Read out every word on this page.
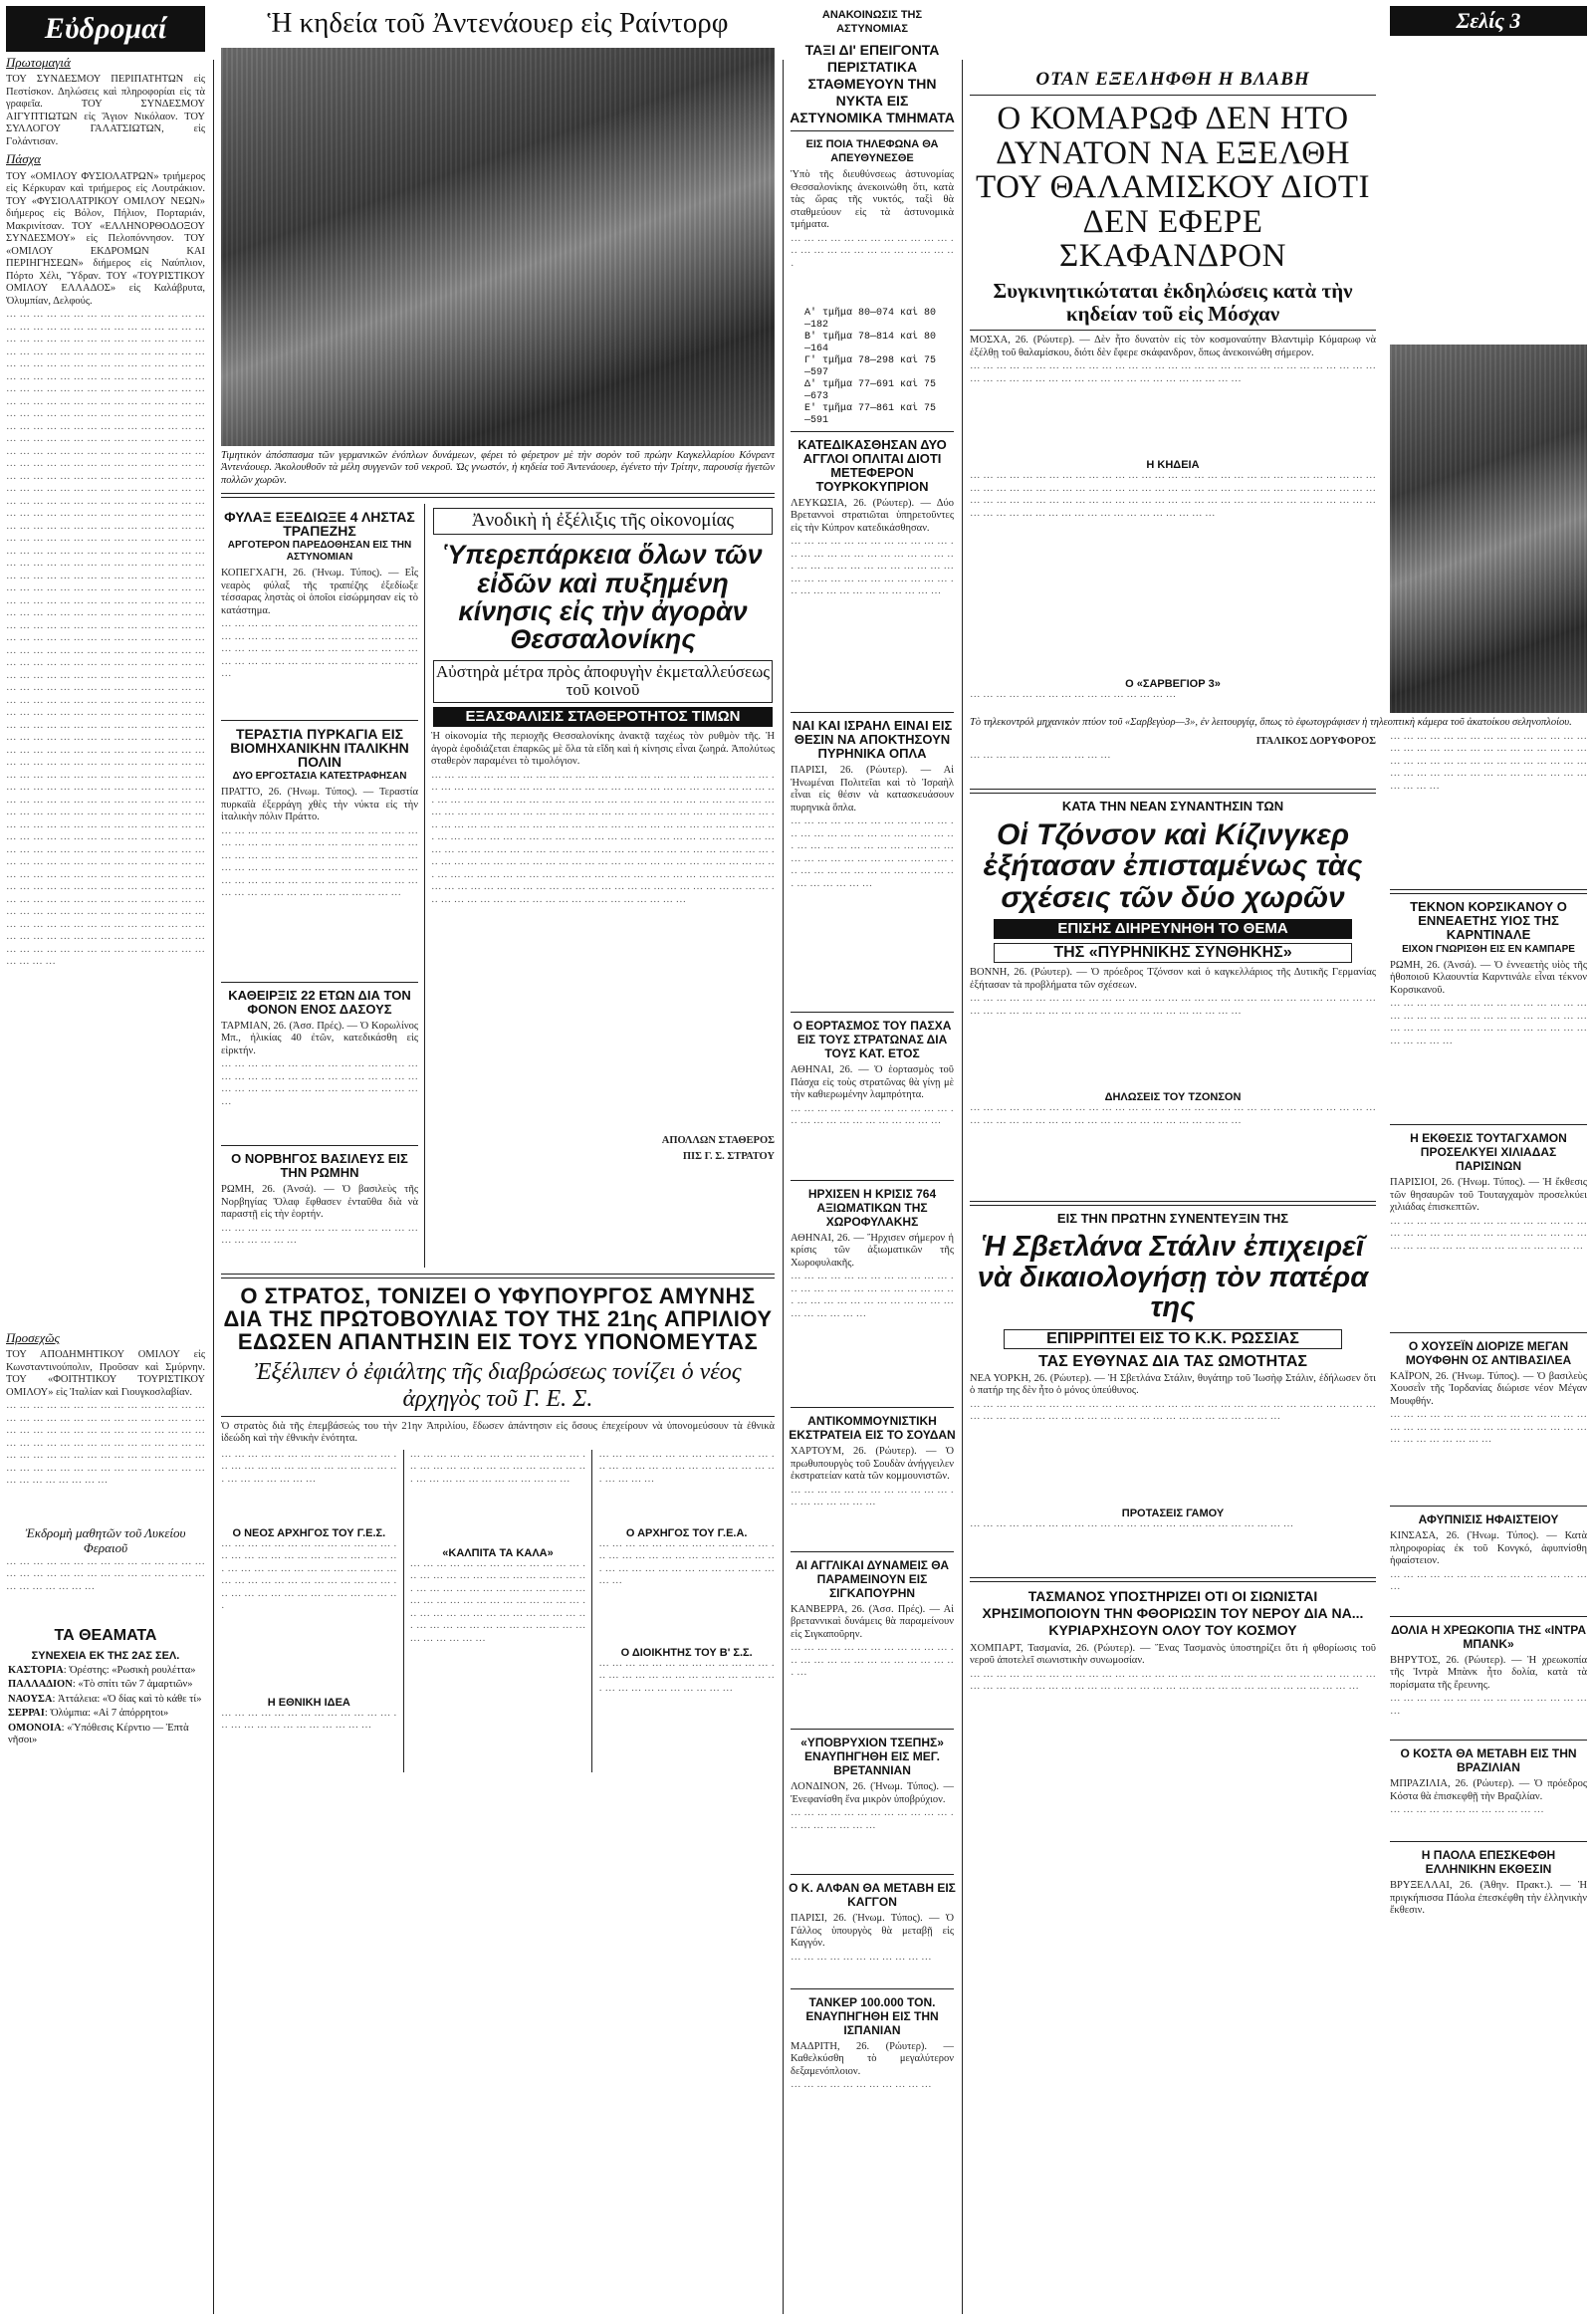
Εὐδρομαί
Πρωτομαγιά
ΤΟΥ ΣΥΝΔΕΣΜΟΥ ΠΕΡΙΠΑΤΗΤΩΝ εἰς Πεστίσκον. Δηλώσεις καὶ πληροφορίαι εἰς τὰ γραφεῖα. ΤΟΥ ΣΥΝΔΕΣΜΟΥ ΑΙΓΥΠΤΙΩΤΩΝ εἰς Ἅγιον Νικόλαον. ΤΟΥ ΣΥΛΛΟΓΟΥ ΓΑΛΑΤΣΙΩΤΩΝ, εἰς Γολάντισαν.
Πάσχα
ΤΟΥ «ΟΜΙΛΟΥ ΦΥΣΙΟΛΑΤΡΩΝ» τριήμερος εἰς Κέρκυραν καὶ τριήμερος εἰς Λουτράκιον. ΤΟΥ «ΦΥΣΙΟΛΑΤΡΙΚΟΥ ΟΜΙΛΟΥ ΝΕΩΝ» διήμερος εἰς Βόλον, Πήλιον, Πορταριάν, Μακρινίτσαν. ΤΟΥ «ΕΛΛΗΝΟΡΘΟΔΟΞΟΥ ΣΥΝΔΕΣΜΟΥ» εἰς Πελοπόννησον. ΤΟΥ «ΟΜΙΛΟΥ ΕΚΔΡΟΜΩΝ ΚΑΙ ΠΕΡΙΗΓΗΣΕΩΝ» διήμερος εἰς Ναύπλιον, Πόρτο Χέλι, Ὕδραν. ΤΟΥ «ΤΟΥΡΙΣΤΙΚΟΥ ΟΜΙΛΟΥ ΕΛΛΑΔΟΣ» εἰς Καλάβρυτα, Ὀλυμπίαν, Δελφούς.
··· ··· ··· ··· ··· ··· ··· ··· ··· ··· ··· ··· ··· ··· ··· ··· ··· ··· ··· ··· ··· ··· ··· ··· ··· ··· ··· ··· ··· ··· ··· ··· ··· ··· ··· ··· ··· ··· ··· ··· ··· ··· ··· ··· ··· ··· ··· ··· ··· ··· ··· ··· ··· ··· ··· ··· ··· ··· ··· ··· ··· ··· ··· ··· ··· ··· ··· ··· ··· ··· ··· ··· ··· ··· ··· ··· ··· ··· ··· ··· ··· ··· ··· ··· ··· ··· ··· ··· ··· ··· ··· ··· ··· ··· ··· ··· ··· ··· ··· ··· ··· ··· ··· ··· ··· ··· ··· ··· ··· ··· ··· ··· ··· ··· ··· ··· ··· ··· ··· ··· ··· ··· ··· ··· ··· ··· ··· ··· ··· ··· ··· ··· ··· ··· ··· ··· ··· ··· ··· ··· ··· ··· ··· ··· ··· ··· ··· ··· ··· ··· ··· ··· ··· ··· ··· ··· ··· ··· ··· ··· ··· ··· ··· ··· ··· ··· ··· ··· ··· ··· ··· ··· ··· ··· ··· ··· ··· ··· ··· ··· ··· ··· ··· ··· ··· ··· ··· ··· ··· ··· ··· ··· ··· ··· ··· ··· ··· ··· ··· ··· ··· ··· ··· ··· ··· ··· ··· ··· ··· ··· ··· ··· ··· ··· ··· ··· ··· ··· ··· ··· ··· ··· ··· ··· ··· ··· ··· ··· ··· ··· ··· ··· ··· ··· ··· ··· ··· ··· ··· ··· ··· ··· ··· ··· ··· ··· ··· ··· ··· ··· ··· ··· ··· ··· ··· ··· ··· ··· ··· ··· ··· ··· ··· ··· ··· ··· ··· ··· ··· ··· ··· ··· ··· ··· ··· ··· ··· ··· ··· ··· ··· ··· ··· ··· ··· ··· ··· ··· ··· ··· ··· ··· ··· ··· ··· ··· ··· ··· ··· ··· ··· ··· ··· ··· ··· ··· ··· ··· ··· ··· ··· ··· ··· ··· ··· ··· ··· ··· ··· ··· ··· ··· ··· ··· ··· ··· ··· ··· ··· ··· ··· ··· ··· ··· ··· ··· ··· ··· ··· ··· ··· ··· ··· ··· ··· ··· ··· ··· ··· ··· ··· ··· ··· ··· ··· ··· ··· ··· ··· ··· ··· ··· ··· ··· ··· ··· ··· ··· ··· ··· ··· ··· ··· ··· ··· ··· ··· ··· ··· ··· ··· ··· ··· ··· ··· ··· ··· ··· ··· ··· ··· ··· ··· ··· ··· ··· ··· ··· ··· ··· ··· ··· ··· ··· ··· ··· ··· ··· ··· ··· ··· ··· ··· ··· ··· ··· ··· ··· ··· ··· ··· ··· ··· ··· ··· ··· ··· ··· ··· ··· ··· ··· ··· ··· ··· ··· ··· ··· ··· ··· ··· ··· ··· ··· ··· ··· ··· ··· ··· ··· ··· ··· ··· ··· ··· ··· ··· ··· ··· ··· ··· ··· ··· ··· ··· ··· ··· ··· ··· ··· ··· ··· ··· ··· ··· ··· ··· ··· ··· ··· ··· ··· ··· ··· ··· ··· ··· ··· ··· ··· ··· ··· ··· ··· ··· ··· ··· ··· ··· ··· ··· ··· ··· ··· ··· ··· ··· ··· ··· ··· ··· ··· ··· ··· ··· ··· ··· ··· ··· ··· ··· ··· ··· ··· ··· ··· ··· ··· ··· ··· ··· ··· ··· ··· ··· ··· ··· ··· ··· ··· ··· ··· ··· ··· ··· ··· ··· ··· ··· ··· ··· ··· ··· ··· ··· ··· ··· ··· ··· ··· ··· ··· ··· ··· ··· ··· ··· ··· ··· ··· ··· ··· ··· ··· ··· ··· ··· ··· ··· ··· ··· ··· ··· ··· ··· ··· ··· ··· ··· ··· ··· ··· ··· ··· ··· ··· ··· ··· ··· ··· ··· ··· ··· ··· ··· ··· ··· ··· ··· ··· ··· ··· ··· ··· ··· ··· ··· ··· ··· ··· ··· ··· ··· ··· ··· ··· ··· ··· ··· ··· ··· ··· ··· ··· ··· ··· ··· ··· ··· ··· ··· ··· ··· ··· ··· ··· ··· ··· ··· ··· ··· ··· ··· ··· ··· ··· ··· ··· ··· ··· ··· ··· ··· ··· ··· ··· ··· ··· ··· ··· ··· ··· ··· ··· ··· ··· ··· ··· ··· ··· ··· ··· ··· ··· ··· ··· ··· ··· ··· ··· ··· ··· ··· ··· ··· ··· ··· ··· ··· ··· ··· ··· ··· ··· ··· ··· ··· ··· ··· ··· ··· ··· ··· ··· ··· ··· ··· ··· ··· ··· ··· ··· ··· ··· ··· ··· ··· ··· ··· ··· ··· ··· ··· ··· ··· ··· ··· ··· ··· ··· ··· ··· ··· ··· ··· ··· ··· ··· ··· ··· ··· ··· ··· ··· ··· ··· ··· ··· ··· ··· ··· ··· ··· ··· ··· ··· ··· ··· ··· ··· ··· ··· ··· ··· ··· ··· ··· ··· ··· ··· ··· ··· ··· ···
Προσεχῶς
ΤΟΥ ΑΠΟΔΗΜΗΤΙΚΟΥ ΟΜΙΛΟΥ εἰς Κωνσταντινούπολιν, Προῦσαν καὶ Σμύρνην. ΤΟΥ «ΦΟΙΤΗΤΙΚΟΥ ΤΟΥΡΙΣΤΙΚΟΥ ΟΜΙΛΟΥ» εἰς Ἰταλίαν καὶ Γιουγκοσλαβίαν.
··· ··· ··· ··· ··· ··· ··· ··· ··· ··· ··· ··· ··· ··· ··· ··· ··· ··· ··· ··· ··· ··· ··· ··· ··· ··· ··· ··· ··· ··· ··· ··· ··· ··· ··· ··· ··· ··· ··· ··· ··· ··· ··· ··· ··· ··· ··· ··· ··· ··· ··· ··· ··· ··· ··· ··· ··· ··· ··· ··· ··· ··· ··· ··· ··· ··· ··· ··· ··· ··· ··· ··· ··· ··· ··· ··· ··· ··· ··· ··· ··· ··· ··· ··· ··· ··· ··· ··· ··· ··· ··· ··· ··· ··· ··· ··· ··· ···
Ἐκδρομὴ μαθητῶν τοῦ Λυκείου Φεραιοῦ
··· ··· ··· ··· ··· ··· ··· ··· ··· ··· ··· ··· ··· ··· ··· ··· ··· ··· ··· ··· ··· ··· ··· ··· ··· ··· ··· ··· ··· ··· ··· ··· ··· ··· ··· ··· ···
ΤΑ ΘΕΑΜΑΤΑ
ΣΥΝΕΧΕΙΑ ΕΚ ΤΗΣ 2ΑΣ ΣΕΛ.
ΚΑΣΤΟΡΙΑ: Ὀρέστης: «Ρωσικὴ ρουλέττα»
ΠΑΛΛΑΔΙΟΝ: «Τὸ σπίτι τῶν 7 ἁμαρτιῶν»
ΝΑΟΥΣΑ: Ἀττάλεια: «Ὁ δίας καὶ τὸ κάθε τί»
ΣΕΡΡΑΙ: Ὀλύμπια: «Αἱ 7 ἀπόρρητοι»
ΟΜΟΝΟΙΑ: «Ὑπόθεσις Κέρντιο — Ἑπτὰ νῆσοι»
Ἡ κηδεία τοῦ Ἀντενάουερ εἰς Ραίντορφ
Τιμητικὸν ἀπόσπασμα τῶν γερμανικῶν ἐνόπλων δυνάμεων, φέρει τὸ φέρετρον μὲ τὴν σορὸν τοῦ πρώην Καγκελλαρίου Κόνραντ Ἀντενάουερ. Ἀκολουθοῦν τὰ μέλη συγγενῶν τοῦ νεκροῦ. Ὡς γνωστόν, ἡ κηδεία τοῦ Ἀντενάουερ, ἐγένετο τὴν Τρίτην, παρουσίᾳ ἡγετῶν πολλῶν χωρῶν.
ΦΥΛΑΞ ΕΞΕΔΙΩΞΕ 4 ΛΗΣΤΑΣ ΤΡΑΠΕΖΗΣ
ΑΡΓΟΤΕΡΟΝ ΠΑΡΕΔΟΘΗΣΑΝ ΕΙΣ ΤΗΝ ΑΣΤΥΝΟΜΙΑΝ
ΚΟΠΕΓΧΑΓΗ, 26. (Ἠνωμ. Τύπος). — Εἷς νεαρὸς φύλαξ τῆς τραπέζης ἐξεδίωξε τέσσαρας ληστὰς οἱ ὁποῖοι εἰσώρμησαν εἰς τὸ κατάστημα.
··· ··· ··· ··· ··· ··· ··· ··· ··· ··· ··· ··· ··· ··· ··· ··· ··· ··· ··· ··· ··· ··· ··· ··· ··· ··· ··· ··· ··· ··· ··· ··· ··· ··· ··· ··· ··· ··· ··· ··· ··· ··· ··· ··· ··· ··· ··· ··· ··· ··· ··· ··· ··· ··· ··· ··· ··· ··· ··· ··· ···
ΤΕΡΑΣΤΙΑ ΠΥΡΚΑΓΙΑ ΕΙΣ ΒΙΟΜΗΧΑΝΙΚΗΝ ΙΤΑΛΙΚΗΝ ΠΟΛΙΝ
ΔΥΟ ΕΡΓΟΣΤΑΣΙΑ ΚΑΤΕΣΤΡΑΦΗΣΑΝ
ΠΡΑΤΤΟ, 26. (Ἠνωμ. Τύπος). — Τεραστία πυρκαϊὰ ἐξερράγη χθὲς τὴν νύκτα εἰς τὴν ἰταλικὴν πόλιν Πράττο.
··· ··· ··· ··· ··· ··· ··· ··· ··· ··· ··· ··· ··· ··· ··· ··· ··· ··· ··· ··· ··· ··· ··· ··· ··· ··· ··· ··· ··· ··· ··· ··· ··· ··· ··· ··· ··· ··· ··· ··· ··· ··· ··· ··· ··· ··· ··· ··· ··· ··· ··· ··· ··· ··· ··· ··· ··· ··· ··· ··· ··· ··· ··· ··· ··· ··· ··· ··· ··· ··· ··· ··· ··· ··· ··· ··· ··· ··· ··· ··· ··· ··· ··· ··· ··· ··· ··· ··· ···
ΚΑΘΕΙΡΞΙΣ 22 ΕΤΩΝ ΔΙΑ ΤΟΝ ΦΟΝΟΝ ΕΝΟΣ ΔΑΣΟΥΣ
ΤΑΡΜΙΑΝ, 26. (Ἀσσ. Πρές). — Ὁ Κορωλίνος Μπ., ἠλικίας 40 ἐτῶν, κατεδικάσθη εἰς εἰρκτήν.
··· ··· ··· ··· ··· ··· ··· ··· ··· ··· ··· ··· ··· ··· ··· ··· ··· ··· ··· ··· ··· ··· ··· ··· ··· ··· ··· ··· ··· ··· ··· ··· ··· ··· ··· ··· ··· ··· ··· ··· ··· ··· ··· ··· ··· ···
Ο ΝΟΡΒΗΓΟΣ ΒΑΣΙΛΕΥΣ ΕΙΣ ΤΗΝ ΡΩΜΗΝ
ΡΩΜΗ, 26. (Ἀνσά). — Ὁ βασιλεὺς τῆς Νορβηγίας Ὄλαφ ἔφθασεν ἐνταῦθα διὰ νὰ παραστῇ εἰς τὴν ἑορτήν.
··· ··· ··· ··· ··· ··· ··· ··· ··· ··· ··· ··· ··· ··· ··· ··· ··· ··· ··· ··· ···
Ἀνοδικὴ ἡ ἐξέλιξις τῆς οἰκονομίας
Ὑπερεπάρκεια ὅλων τῶν εἰδῶν καὶ πυξημένη κίνησις εἰς τὴν ἀγορὰν Θεσσαλονίκης
Αὐστηρὰ μέτρα πρὸς ἀποφυγὴν ἐκμεταλλεύσεως τοῦ κοινοῦ
ΕΞΑΣΦΑΛΙΣΙΣ ΣΤΑΘΕΡΟΤΗΤΟΣ ΤΙΜΩΝ
Ἡ οἰκονομία τῆς περιοχῆς Θεσσαλονίκης ἀνακτᾷ ταχέως τὸν ρυθμὸν τῆς. Ἡ ἀγορὰ ἐφοδιάζεται ἐπαρκῶς μὲ ὅλα τὰ εἴδη καὶ ἡ κίνησις εἶναι ζωηρά. Ἀπολύτως σταθερὸν παραμένει τὸ τιμολόγιον.
··· ··· ··· ··· ··· ··· ··· ··· ··· ··· ··· ··· ··· ··· ··· ··· ··· ··· ··· ··· ··· ··· ··· ··· ··· ··· ··· ··· ··· ··· ··· ··· ··· ··· ··· ··· ··· ··· ··· ··· ··· ··· ··· ··· ··· ··· ··· ··· ··· ··· ··· ··· ··· ··· ··· ··· ··· ··· ··· ··· ··· ··· ··· ··· ··· ··· ··· ··· ··· ··· ··· ··· ··· ··· ··· ··· ··· ··· ··· ··· ··· ··· ··· ··· ··· ··· ··· ··· ··· ··· ··· ··· ··· ··· ··· ··· ··· ··· ··· ··· ··· ··· ··· ··· ··· ··· ··· ··· ··· ··· ··· ··· ··· ··· ··· ··· ··· ··· ··· ··· ··· ··· ··· ··· ··· ··· ··· ··· ··· ··· ··· ··· ··· ··· ··· ··· ··· ··· ··· ··· ··· ··· ··· ··· ··· ··· ··· ··· ··· ··· ··· ··· ··· ··· ··· ··· ··· ··· ··· ··· ··· ··· ··· ··· ··· ··· ··· ··· ··· ··· ··· ··· ··· ··· ··· ··· ··· ··· ··· ··· ··· ··· ··· ··· ··· ··· ··· ··· ··· ··· ··· ··· ··· ··· ··· ··· ··· ··· ··· ··· ··· ··· ··· ··· ··· ··· ··· ··· ··· ··· ··· ··· ··· ··· ··· ··· ··· ··· ··· ··· ··· ··· ··· ··· ··· ··· ··· ··· ··· ··· ··· ··· ··· ··· ··· ··· ··· ··· ··· ··· ··· ··· ··· ··· ··· ··· ··· ··· ··· ··· ··· ··· ··· ··· ··· ··· ··· ··· ··· ··· ··· ··· ··· ··· ··· ··· ··· ··· ··· ··· ··· ··· ··· ··· ··· ··· ··· ··· ··· ··· ··· ··· ···
ΑΠΟΛΛΩΝ ΣΤΑΘΕΡΟΣ
ΠΙΣ Γ. Σ. ΣΤΡΑΤΟΥ
Ο ΣΤΡΑΤΟΣ, ΤΟΝΙΖΕΙ Ο ΥΦΥΠΟΥΡΓΟΣ ΑΜΥΝΗΣ ΔΙΑ ΤΗΣ ΠΡΩΤΟΒΟΥΛΙΑΣ ΤΟΥ ΤΗΣ 21ης ΑΠΡΙΛΙΟΥ ΕΔΩΣΕΝ ΑΠΑΝΤΗΣΙΝ ΕΙΣ ΤΟΥΣ ΥΠΟΝΟΜΕΥΤΑΣ
Ἐξέλιπεν ὁ ἐφιάλτης τῆς διαβρώσεως τονίζει ὁ νέος ἀρχηγὸς τοῦ Γ. Ε. Σ.
Ὁ στρατὸς διὰ τῆς ἐπεμβάσεώς του τὴν 21ην Ἀπριλίου, ἔδωσεν ἀπάντησιν εἰς ὅσους ἐπεχείρουν νὰ ὑπονομεύσουν τὰ ἐθνικὰ ἰδεώδη καὶ τὴν ἐθνικὴν ἑνότητα.
··· ··· ··· ··· ··· ··· ··· ··· ··· ··· ··· ··· ··· ··· ··· ··· ··· ··· ··· ··· ··· ··· ··· ··· ··· ··· ··· ··· ··· ··· ··· ··· ··· ···
Ο ΝΕΟΣ ΑΡΧΗΓΟΣ ΤΟΥ Γ.Ε.Σ.
··· ··· ··· ··· ··· ··· ··· ··· ··· ··· ··· ··· ··· ··· ··· ··· ··· ··· ··· ··· ··· ··· ··· ··· ··· ··· ··· ··· ··· ··· ··· ··· ··· ··· ··· ··· ··· ··· ··· ··· ··· ··· ··· ··· ··· ··· ··· ··· ··· ··· ··· ··· ··· ··· ··· ··· ··· ··· ··· ··· ··· ··· ··· ··· ··· ··· ···
Η ΕΘΝΙΚΗ ΙΔΕΑ
··· ··· ··· ··· ··· ··· ··· ··· ··· ··· ··· ··· ··· ··· ··· ··· ··· ··· ··· ··· ··· ··· ··· ··· ···
··· ··· ··· ··· ··· ··· ··· ··· ··· ··· ··· ··· ··· ··· ··· ··· ··· ··· ··· ··· ··· ··· ··· ··· ··· ··· ··· ··· ··· ··· ··· ··· ··· ··· ··· ··· ··· ··· ···
«ΚΑΛΠΙΤΑ ΤΑ ΚΑΛΑ»
··· ··· ··· ··· ··· ··· ··· ··· ··· ··· ··· ··· ··· ··· ··· ··· ··· ··· ··· ··· ··· ··· ··· ··· ··· ··· ··· ··· ··· ··· ··· ··· ··· ··· ··· ··· ··· ··· ··· ··· ··· ··· ··· ··· ··· ··· ··· ··· ··· ··· ··· ··· ··· ··· ··· ··· ··· ··· ··· ··· ··· ··· ··· ··· ··· ··· ··· ··· ··· ··· ··· ··· ··· ··· ··· ··· ··· ··· ··· ··· ··· ··· ··· ··· ··· ···
··· ··· ··· ··· ··· ··· ··· ··· ··· ··· ··· ··· ··· ··· ··· ··· ··· ··· ··· ··· ··· ··· ··· ··· ··· ··· ··· ··· ··· ··· ···
Ο ΑΡΧΗΓΟΣ ΤΟΥ Γ.Ε.Α.
··· ··· ··· ··· ··· ··· ··· ··· ··· ··· ··· ··· ··· ··· ··· ··· ··· ··· ··· ··· ··· ··· ··· ··· ··· ··· ··· ··· ··· ··· ··· ··· ··· ··· ··· ··· ··· ··· ··· ··· ··· ···
Ο ΔΙΟΙΚΗΤΗΣ ΤΟΥ Β' Σ.Σ.
··· ··· ··· ··· ··· ··· ··· ··· ··· ··· ··· ··· ··· ··· ··· ··· ··· ··· ··· ··· ··· ··· ··· ··· ··· ··· ··· ··· ··· ··· ··· ··· ··· ··· ··· ··· ···
ΑΝΑΚΟΙΝΩΣΙΣ ΤΗΣ ΑΣΤΥΝΟΜΙΑΣ
ΤΑΞΙ ΔΙ' ΕΠΕΙΓΟΝΤΑ ΠΕΡΙΣΤΑΤΙΚΑ ΣΤΑΘΜΕΥΟΥΝ ΤΗΝ ΝΥΚΤΑ ΕΙΣ ΑΣΤΥΝΟΜΙΚΑ ΤΜΗΜΑΤΑ
ΕΙΣ ΠΟΙΑ ΤΗΛΕΦΩΝΑ ΘΑ ΑΠΕΥΘΥΝΕΣΘΕ
Ὑπὸ τῆς διευθύνσεως ἀστυνομίας Θεσσαλονίκης ἀνεκοινώθη ὅτι, κατὰ τὰς ὥρας τῆς νυκτός, ταξὶ θὰ σταθμεύουν εἰς τὰ ἀστυνομικὰ τμήματα.
··· ··· ··· ··· ··· ··· ··· ··· ··· ··· ··· ··· ··· ··· ··· ··· ··· ··· ··· ··· ··· ··· ··· ··· ···
Α' τμῆμα 80—074 καὶ 80—182
Β' τμῆμα 78—814 καὶ 80—164
Γ' τμῆμα 78—298 καὶ 75—597
Δ' τμῆμα 77—691 καὶ 75—673
Ε' τμῆμα 77—861 καὶ 75—591
ΚΑΤΕΔΙΚΑΣΘΗΣΑΝ ΔΥΟ ΑΓΓΛΟΙ ΟΠΛΙΤΑΙ ΔΙΟΤΙ ΜΕΤΕΦΕΡΟΝ ΤΟΥΡΚΟΚΥΠΡΙΟΝ
ΛΕΥΚΩΣΙΑ, 26. (Ρώυτερ). — Δύο Βρεταννοὶ στρατιῶται ὑπηρετοῦντες εἰς τὴν Κύπρον κατεδικάσθησαν.
··· ··· ··· ··· ··· ··· ··· ··· ··· ··· ··· ··· ··· ··· ··· ··· ··· ··· ··· ··· ··· ··· ··· ··· ··· ··· ··· ··· ··· ··· ··· ··· ··· ··· ··· ··· ··· ··· ··· ··· ··· ··· ··· ··· ··· ··· ··· ··· ··· ··· ··· ··· ··· ··· ··· ··· ··· ··· ··· ··· ···
ΝΑΙ ΚΑΙ ΙΣΡΑΗΛ ΕΙΝΑΙ ΕΙΣ ΘΕΣΙΝ ΝΑ ΑΠΟΚΤΗΣΟΥΝ ΠΥΡΗΝΙΚΑ ΟΠΛΑ
ΠΑΡΙΣΙ, 26. (Ρώυτερ). — Αἱ Ἡνωμέναι Πολιτεῖαι καὶ τὸ Ἰσραὴλ εἶναι εἰς θέσιν νὰ κατασκευάσουν πυρηνικὰ ὅπλα.
··· ··· ··· ··· ··· ··· ··· ··· ··· ··· ··· ··· ··· ··· ··· ··· ··· ··· ··· ··· ··· ··· ··· ··· ··· ··· ··· ··· ··· ··· ··· ··· ··· ··· ··· ··· ··· ··· ··· ··· ··· ··· ··· ··· ··· ··· ··· ··· ··· ··· ··· ··· ··· ··· ··· ··· ··· ··· ··· ··· ··· ··· ··· ··· ··· ··· ··· ···
Ο ΕΟΡΤΑΣΜΟΣ ΤΟΥ ΠΑΣΧΑ ΕΙΣ ΤΟΥΣ ΣΤΡΑΤΩΝΑΣ ΔΙΑ ΤΟΥΣ ΚΑΤ. ΕΤΟΣ
ΑΘΗΝΑΙ, 26. — Ὁ ἑορτασμὸς τοῦ Πάσχα εἰς τοὺς στρατῶνας θὰ γίνῃ μὲ τὴν καθιερωμένην λαμπρότητα.
··· ··· ··· ··· ··· ··· ··· ··· ··· ··· ··· ··· ··· ··· ··· ··· ··· ··· ··· ··· ··· ··· ··· ···
ΗΡΧΙΣΕΝ Η ΚΡΙΣΙΣ 764 ΑΞΙΩΜΑΤΙΚΩΝ ΤΗΣ ΧΩΡΟΦΥΛΑΚΗΣ
ΑΘΗΝΑΙ, 26. — Ἤρχισεν σήμερον ἡ κρίσις τῶν ἀξιωματικῶν τῆς Χωροφυλακῆς.
··· ··· ··· ··· ··· ··· ··· ··· ··· ··· ··· ··· ··· ··· ··· ··· ··· ··· ··· ··· ··· ··· ··· ··· ··· ··· ··· ··· ··· ··· ··· ··· ··· ··· ··· ··· ··· ··· ··· ··· ··· ··· ···
ΑΝΤΙΚΟΜΜΟΥΝΙΣΤΙΚΗ ΕΚΣΤΡΑΤΕΙΑ ΕΙΣ ΤΟ ΣΟΥΔΑΝ
ΧΑΡΤΟΥΜ, 26. (Ρώυτερ). — Ὁ πρωθυπουργὸς τοῦ Σουδὰν ἀνήγγειλεν ἐκστρατείαν κατὰ τῶν κομμουνιστῶν.
··· ··· ··· ··· ··· ··· ··· ··· ··· ··· ··· ··· ··· ··· ··· ··· ··· ··· ···
ΑΙ ΑΓΓΛΙΚΑΙ ΔΥΝΑΜΕΙΣ ΘΑ ΠΑΡΑΜΕΙΝΟΥΝ ΕΙΣ ΣΙΓΚΑΠΟΥΡΗΝ
ΚΑΝΒΕΡΡΑ, 26. (Ἀσσ. Πρές). — Αἱ βρεταννικαὶ δυνάμεις θὰ παραμείνουν εἰς Σιγκαποῦρην.
··· ··· ··· ··· ··· ··· ··· ··· ··· ··· ··· ··· ··· ··· ··· ··· ··· ··· ··· ··· ··· ··· ··· ··· ··· ···
«ΥΠΟΒΡΥΧΙΟΝ ΤΣΕΠΗΣ» ΕΝΑΥΠΗΓΗΘΗ ΕΙΣ ΜΕΓ. ΒΡΕΤΑΝΝΙΑΝ
ΛΟΝΔΙΝΟΝ, 26. (Ἠνωμ. Τύπος). — Ἐνεφανίσθη ἕνα μικρὸν ὑποβρύχιον.
··· ··· ··· ··· ··· ··· ··· ··· ··· ··· ··· ··· ··· ··· ··· ··· ··· ··· ···
Ο Κ. ΑΛΦΑΝ ΘΑ ΜΕΤΑΒΗ ΕΙΣ ΚΑΓΓΟΝ
ΠΑΡΙΣΙ, 26. (Ἠνωμ. Τύπος). — Ὁ Γάλλος ὑπουργὸς θὰ μεταβῇ εἰς Καγγόν.
··· ··· ··· ··· ··· ··· ··· ··· ··· ··· ···
ΤΑΝΚΕΡ 100.000 ΤΟΝ. ΕΝΑΥΠΗΓΗΘΗ ΕΙΣ ΤΗΝ ΙΣΠΑΝΙΑΝ
ΜΑΔΡΙΤΗ, 26. (Ρώυτερ). — Καθελκύσθη τὸ μεγαλύτερον δεξαμενόπλοιον.
··· ··· ··· ··· ··· ··· ··· ··· ··· ··· ···
ΟΤΑΝ ΕΞΕΛΗΦΘΗ Η ΒΛΑΒΗ
Ο ΚΟΜΑΡΩΦ ΔΕΝ ΗΤΟ ΔΥΝΑΤΟΝ ΝΑ ΕΞΕΛΘΗ ΤΟΥ ΘΑΛΑΜΙΣΚΟΥ ΔΙΟΤΙ ΔΕΝ ΕΦΕΡΕ ΣΚΑΦΑΝΔΡΟΝ
Συγκινητικώταται ἐκδηλώσεις κατὰ τὴν κηδείαν τοῦ εἰς Μόσχαν
ΜΟΣΧΑ, 26. (Ρώυτερ). — Δὲν ἦτο δυνατὸν εἰς τὸν κοσμοναύτην Βλαντιμὶρ Κόμαρωφ νὰ ἐξέλθῃ τοῦ θαλαμίσκου, διότι δὲν ἔφερε σκάφανδρον, ὅπως ἀνεκοινώθη σήμερον.
··· ··· ··· ··· ··· ··· ··· ··· ··· ··· ··· ··· ··· ··· ··· ··· ··· ··· ··· ··· ··· ··· ··· ··· ··· ··· ··· ··· ··· ··· ··· ··· ··· ··· ··· ··· ··· ··· ··· ··· ··· ··· ··· ··· ··· ··· ··· ··· ··· ··· ··· ···
Η ΚΗΔΕΙΑ
··· ··· ··· ··· ··· ··· ··· ··· ··· ··· ··· ··· ··· ··· ··· ··· ··· ··· ··· ··· ··· ··· ··· ··· ··· ··· ··· ··· ··· ··· ··· ··· ··· ··· ··· ··· ··· ··· ··· ··· ··· ··· ··· ··· ··· ··· ··· ··· ··· ··· ··· ··· ··· ··· ··· ··· ··· ··· ··· ··· ··· ··· ··· ··· ··· ··· ··· ··· ··· ··· ··· ··· ··· ··· ··· ··· ··· ··· ··· ··· ··· ··· ··· ··· ··· ··· ··· ··· ··· ··· ··· ··· ··· ··· ··· ··· ··· ··· ··· ··· ··· ··· ··· ··· ··· ··· ··· ··· ··· ··· ··· ···
Ο «ΣΑΡΒΕΓΙΟΡ 3»
··· ··· ··· ··· ··· ··· ··· ··· ··· ··· ··· ··· ··· ··· ··· ···
ΙΤΑΛΙΚΟΣ ΔΟΡΥΦΟΡΟΣ
··· ··· ··· ··· ··· ··· ··· ··· ··· ··· ···
ΚΑΤΑ ΤΗΝ ΝΕΑΝ ΣΥΝΑΝΤΗΣΙΝ ΤΩΝ
Οἱ Τζόνσον καὶ Κίζινγκερ ἐξήτασαν ἐπισταμένως τὰς σχέσεις τῶν δύο χωρῶν
ΕΠΙΣΗΣ ΔΙΗΡΕΥΝΗΘΗ ΤΟ ΘΕΜΑ
ΤΗΣ «ΠΥΡΗΝΙΚΗΣ ΣΥΝΘΗΚΗΣ»
ΒΟΝΝΗ, 26. (Ρώυτερ). — Ὁ πρόεδρος Τζόνσον καὶ ὁ καγκελλάριος τῆς Δυτικῆς Γερμανίας ἐξήτασαν τὰ προβλήματα τῶν σχέσεων.
··· ··· ··· ··· ··· ··· ··· ··· ··· ··· ··· ··· ··· ··· ··· ··· ··· ··· ··· ··· ··· ··· ··· ··· ··· ··· ··· ··· ··· ··· ··· ··· ··· ··· ··· ··· ··· ··· ··· ··· ··· ··· ··· ··· ··· ··· ··· ··· ··· ··· ··· ···
ΔΗΛΩΣΕΙΣ ΤΟΥ ΤΖΟΝΣΟΝ
··· ··· ··· ··· ··· ··· ··· ··· ··· ··· ··· ··· ··· ··· ··· ··· ··· ··· ··· ··· ··· ··· ··· ··· ··· ··· ··· ··· ··· ··· ··· ··· ··· ··· ··· ··· ··· ··· ··· ··· ··· ··· ··· ··· ··· ··· ··· ··· ··· ··· ··· ···
ΕΙΣ ΤΗΝ ΠΡΩΤΗΝ ΣΥΝΕΝΤΕΥΞΙΝ ΤΗΣ
Ἡ Σβετλάνα Στάλιν ἐπιχειρεῖ νὰ δικαιολογήσῃ τὸν πατέρα της
ΕΠΙΡΡΙΠΤΕΙ ΕΙΣ ΤΟ Κ.Κ. ΡΩΣΣΙΑΣ
ΤΑΣ ΕΥΘΥΝΑΣ ΔΙΑ ΤΑΣ ΩΜΟΤΗΤΑΣ
ΝΕΑ ΥΟΡΚΗ, 26. (Ρώυτερ). — Ἡ Σβετλάνα Στάλιν, θυγάτηρ τοῦ Ἰωσὴφ Στάλιν, ἐδήλωσεν ὅτι ὁ πατήρ της δὲν ἦτο ὁ μόνος ὑπεύθυνος.
··· ··· ··· ··· ··· ··· ··· ··· ··· ··· ··· ··· ··· ··· ··· ··· ··· ··· ··· ··· ··· ··· ··· ··· ··· ··· ··· ··· ··· ··· ··· ··· ··· ··· ··· ··· ··· ··· ··· ··· ··· ··· ··· ··· ··· ··· ··· ··· ··· ··· ··· ··· ··· ··· ···
ΠΡΟΤΑΣΕΙΣ ΓΑΜΟΥ
··· ··· ··· ··· ··· ··· ··· ··· ··· ··· ··· ··· ··· ··· ··· ··· ··· ··· ··· ··· ··· ··· ··· ··· ···
ΤΑΣΜΑΝΟΣ ΥΠΟΣΤΗΡΙΖΕΙ ΟΤΙ ΟΙ ΣΙΩΝΙΣΤΑΙ ΧΡΗΣΙΜΟΠΟΙΟΥΝ ΤΗΝ ΦΘΟΡΙΩΣΙΝ ΤΟΥ ΝΕΡΟΥ ΔΙΑ ΝΑ... ΚΥΡΙΑΡΧΗΣΟΥΝ ΟΛΟΥ ΤΟΥ ΚΟΣΜΟΥ
ΧΟΜΠΑΡΤ, Τασμανία, 26. (Ρώυτερ). — Ἕνας Τασμανὸς ὑποστηρίζει ὅτι ἡ φθορίωσις τοῦ νεροῦ ἀποτελεῖ σιωνιστικὴν συνωμοσίαν.
··· ··· ··· ··· ··· ··· ··· ··· ··· ··· ··· ··· ··· ··· ··· ··· ··· ··· ··· ··· ··· ··· ··· ··· ··· ··· ··· ··· ··· ··· ··· ··· ··· ··· ··· ··· ··· ··· ··· ··· ··· ··· ··· ··· ··· ··· ··· ··· ··· ··· ··· ··· ··· ··· ··· ··· ··· ··· ··· ··· ···
Σελίς 3
Τὸ τηλεκοντρόλ μηχανικὸν πτύον τοῦ «Σαρβεγὺορ—3», ἐν λειτουργίᾳ, ὅπως τὸ ἐφωτογράφισεν ἡ τηλεοπτικὴ κάμερα τοῦ ἀκατοίκου σεληνοπλοίου.
··· ··· ··· ··· ··· ··· ··· ··· ··· ··· ··· ··· ··· ··· ··· ··· ··· ··· ··· ··· ··· ··· ··· ··· ··· ··· ··· ··· ··· ··· ··· ··· ··· ··· ··· ··· ··· ··· ··· ··· ··· ··· ··· ··· ··· ··· ··· ··· ··· ··· ··· ··· ··· ··· ··· ··· ··· ··· ··· ··· ··· ··· ··· ···
ΤΕΚΝΟΝ ΚΟΡΣΙΚΑΝΟΥ Ο ΕΝΝΕΑΕΤΗΣ ΥΙΟΣ ΤΗΣ ΚΑΡΝΤΙΝΑΛΕ
ΕΙΧΟΝ ΓΝΩΡΙΣΘΗ ΕΙΣ ΕΝ ΚΑΜΠΑΡΕ
ΡΩΜΗ, 26. (Ἀνσά). — Ὁ ἐννεαετὴς υἱὸς τῆς ἠθοποιοῦ Κλαουντία Καρντινάλε εἶναι τέκνον Κορσικανοῦ.
··· ··· ··· ··· ··· ··· ··· ··· ··· ··· ··· ··· ··· ··· ··· ··· ··· ··· ··· ··· ··· ··· ··· ··· ··· ··· ··· ··· ··· ··· ··· ··· ··· ··· ··· ··· ··· ··· ··· ··· ··· ··· ··· ··· ··· ··· ··· ··· ··· ···
Η ΕΚΘΕΣΙΣ ΤΟΥΤΑΓΧΑΜΟΝ ΠΡΟΣΕΛΚΥΕΙ ΧΙΛΙΑΔΑΣ ΠΑΡΙΣΙΝΩΝ
ΠΑΡΙΣΙΟΙ, 26. (Ἠνωμ. Τύπος). — Ἡ ἔκθεσις τῶν θησαυρῶν τοῦ Τουταγχαμὸν προσελκύει χιλιάδας ἐπισκεπτῶν.
··· ··· ··· ··· ··· ··· ··· ··· ··· ··· ··· ··· ··· ··· ··· ··· ··· ··· ··· ··· ··· ··· ··· ··· ··· ··· ··· ··· ··· ··· ··· ··· ··· ··· ··· ··· ··· ··· ··· ··· ··· ··· ··· ··· ···
Ο ΧΟΥΣΕΪΝ ΔΙΟΡΙΖΕ ΜΕΓΑΝ ΜΟΥΦΘΗΝ ΟΣ ΑΝΤΙΒΑΣΙΛΕΑ
ΚΑΪΡΟΝ, 26. (Ἠνωμ. Τύπος). — Ὁ βασιλεὺς Χουσεῒν τῆς Ἰορδανίας διώρισε νέον Μέγαν Μουφθήν.
··· ··· ··· ··· ··· ··· ··· ··· ··· ··· ··· ··· ··· ··· ··· ··· ··· ··· ··· ··· ··· ··· ··· ··· ··· ··· ··· ··· ··· ··· ··· ··· ··· ··· ··· ··· ··· ···
ΑΦΥΠΝΙΣΙΣ ΗΦΑΙΣΤΕΙΟΥ
ΚΙΝΣΑΣΑ, 26. (Ἠνωμ. Τύπος). — Κατὰ πληροφορίας ἐκ τοῦ Κονγκό, ἀφυπνίσθη ἡφαίστειον.
··· ··· ··· ··· ··· ··· ··· ··· ··· ··· ··· ··· ··· ··· ··· ···
ΔΟΛΙΑ Η ΧΡΕΩΚΟΠΙΑ ΤΗΣ «ΙΝΤΡΑ ΜΠΑΝΚ»
ΒΗΡΥΤΟΣ, 26. (Ρώυτερ). — Ἡ χρεωκοπία τῆς Ἰντρὰ Μπὰνκ ἦτο δολία, κατὰ τὰ πορίσματα τῆς ἔρευνης.
··· ··· ··· ··· ··· ··· ··· ··· ··· ··· ··· ··· ··· ··· ··· ···
Ο ΚΟΣΤΑ ΘΑ ΜΕΤΑΒΗ ΕΙΣ ΤΗΝ ΒΡΑΖΙΛΙΑΝ
ΜΠΡΑΖΙΛΙΑ, 26. (Ρώυτερ). — Ὁ πρόεδρος Κόστα θὰ ἐπισκεφθῇ τὴν Βραζιλίαν.
··· ··· ··· ··· ··· ··· ··· ··· ··· ··· ··· ···
Η ΠΑΟΛΑ ΕΠΕΣΚΕΦΘΗ ΕΛΛΗΝΙΚΗΝ ΕΚΘΕΣΙΝ
ΒΡΥΞΕΛΛΑΙ, 26. (Ἀθην. Πρακτ.). — Ἡ πριγκήπισσα Πάολα ἐπεσκέφθη τὴν ἑλληνικὴν ἔκθεσιν.
